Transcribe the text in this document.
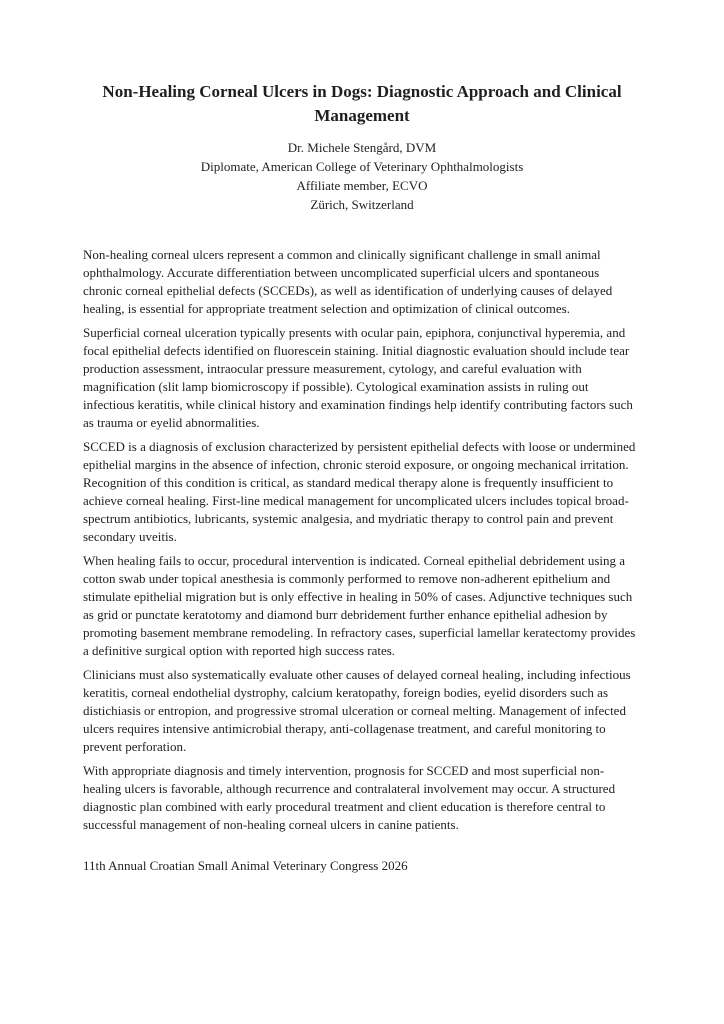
Non-Healing Corneal Ulcers in Dogs: Diagnostic Approach and Clinical Management

Dr. Michele Stengård, DVM

Diplomate, American College of Veterinary Ophthalmologists

Affiliate member, ECVO

Zürich, Switzerland

Non-healing corneal ulcers represent a common and clinically significant challenge in small animal ophthalmology. Accurate differentiation between uncomplicated superficial ulcers and spontaneous chronic corneal epithelial defects (SCCEDs), as well as identification of underlying causes of delayed healing, is essential for appropriate treatment selection and optimization of clinical outcomes.

Superficial corneal ulceration typically presents with ocular pain, epiphora, conjunctival hyperemia, and focal epithelial defects identified on fluorescein staining. Initial diagnostic evaluation should include tear production assessment, intraocular pressure measurement, cytology, and careful evaluation with magnification (slit lamp biomicroscopy if possible). Cytological examination assists in ruling out infectious keratitis, while clinical history and examination findings help identify contributing factors such as trauma or eyelid abnormalities.

SCCED is a diagnosis of exclusion characterized by persistent epithelial defects with loose or undermined epithelial margins in the absence of infection, chronic steroid exposure, or ongoing mechanical irritation. Recognition of this condition is critical, as standard medical therapy alone is frequently insufficient to achieve corneal healing. First-line medical management for uncomplicated ulcers includes topical broad-spectrum antibiotics, lubricants, systemic analgesia, and mydriatic therapy to control pain and prevent secondary uveitis.

When healing fails to occur, procedural intervention is indicated. Corneal epithelial debridement using a cotton swab under topical anesthesia is commonly performed to remove non-adherent epithelium and stimulate epithelial migration but is only effective in healing in 50% of cases. Adjunctive techniques such as grid or punctate keratotomy and diamond burr debridement further enhance epithelial adhesion by promoting basement membrane remodeling. In refractory cases, superficial lamellar keratectomy provides a definitive surgical option with reported high success rates.

Clinicians must also systematically evaluate other causes of delayed corneal healing, including infectious keratitis, corneal endothelial dystrophy, calcium keratopathy, foreign bodies, eyelid disorders such as distichiasis or entropion, and progressive stromal ulceration or corneal melting. Management of infected ulcers requires intensive antimicrobial therapy, anti-collagenase treatment, and careful monitoring to prevent perforation.

With appropriate diagnosis and timely intervention, prognosis for SCCED and most superficial non-healing ulcers is favorable, although recurrence and contralateral involvement may occur. A structured diagnostic plan combined with early procedural treatment and client education is therefore central to successful management of non-healing corneal ulcers in canine patients.

11th Annual Croatian Small Animal Veterinary Congress 2026
